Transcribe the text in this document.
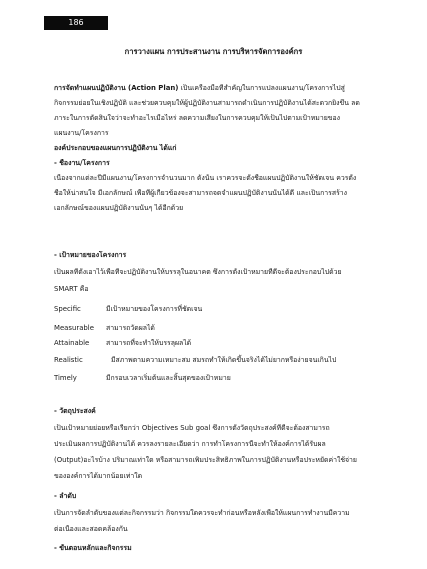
186
การวางแผน การประสานงาน การบริหารจัดการองค์กร
การจัดทำแผนปฏิบัติงาน (Action Plan) เป็นเครื่องมือที่สำคัญในการแปลงแผนงาน/โครงการไปสู่
กิจกรรมย่อยในเชิงปฏิบัติ และช่วยควบคุมให้ผู้ปฏิบัติงานสามารถดำเนินการปฏิบัติงานได้สะดวกยิ่งขึ้น ลด
ภาระในการตัดสินใจว่าจะทำอะไรเมื่อไหร่ ลดความเสี่ยงในการควบคุมให้เป็นไปตามเป้าหมายของ
แผนงาน/โครงการ
องค์ประกอบของแผนการปฏิบัติงาน ได้แก่
- ชื่องาน/โครงการ
เนื่องจากแต่ละปีมีแผนงาน/โครงการจำนวนมาก ดังนั้น เราควรจะตั้งชื่อแผนปฏิบัติงานให้ชัดเจน ควรตั้ง
ชื่อให้น่าสนใจ มีเอกลักษณ์ เพื่อที่ผู้เกี่ยวข้องจะสามารถจดจำแผนปฏิบัติงานนั้นได้ดี และเป็นการสร้าง
เอกลักษณ์ของแผนปฏิบัติงานนั้นๆ ได้อีกด้วย
- เป้าหมายของโครงการ
เป็นผลที่ตั้งเอาไว้เพื่อที่จะปฏิบัติงานให้บรรลุในอนาคต ซึ่งการตั้งเป้าหมายที่ดีจะต้องประกอบไปด้วย
SMART คือ
Specific	มีเป้าหมายของโครงการที่ชัดเจน
Measurable สามารถวัดผลได้
Attainable สามารถที่จะทำให้บรรลุผลได้
Realistic	มีสภาพตามความเหมาะสม สมรถทำให้เกิดขึ้นจริงได้ไม่ยากหรือง่ายจนเกินไป
Timely	มีกรอบเวลาเริ่มต้นและสิ้นสุดของเป้าหมาย
- วัตถุประสงค์
เป็นเป้าหมายย่อยหรือเรียกว่า Objectives Sub goal ซึ่งการตั้งวัตถุประสงค์ที่ดีจะต้องสามารถ
ประเมินผลการปฏิบัติงานได้ ควรลงรายละเอียดว่า การทำโครงการนี้จะทำให้องค์การได้รับผล
(Output)อะไรบ้าง ปริมาณเท่าใด หรือสามารถเพิ่มประสิทธิภาพในการปฏิบัติงานหรือประหยัดค่าใช้จ่าย
ขององค์การได้มากน้อยเท่าใด
- ลำดับ
เป็นการจัดลำดับของแต่ละกิจกรรมว่า กิจกรรมใดควรจะทำก่อนหรือหลังเพื่อให้แผนการทำงานมีความ
ต่อเนื่องและสอดคล้องกัน
- ขั้นตอนหลักและกิจกรรม
